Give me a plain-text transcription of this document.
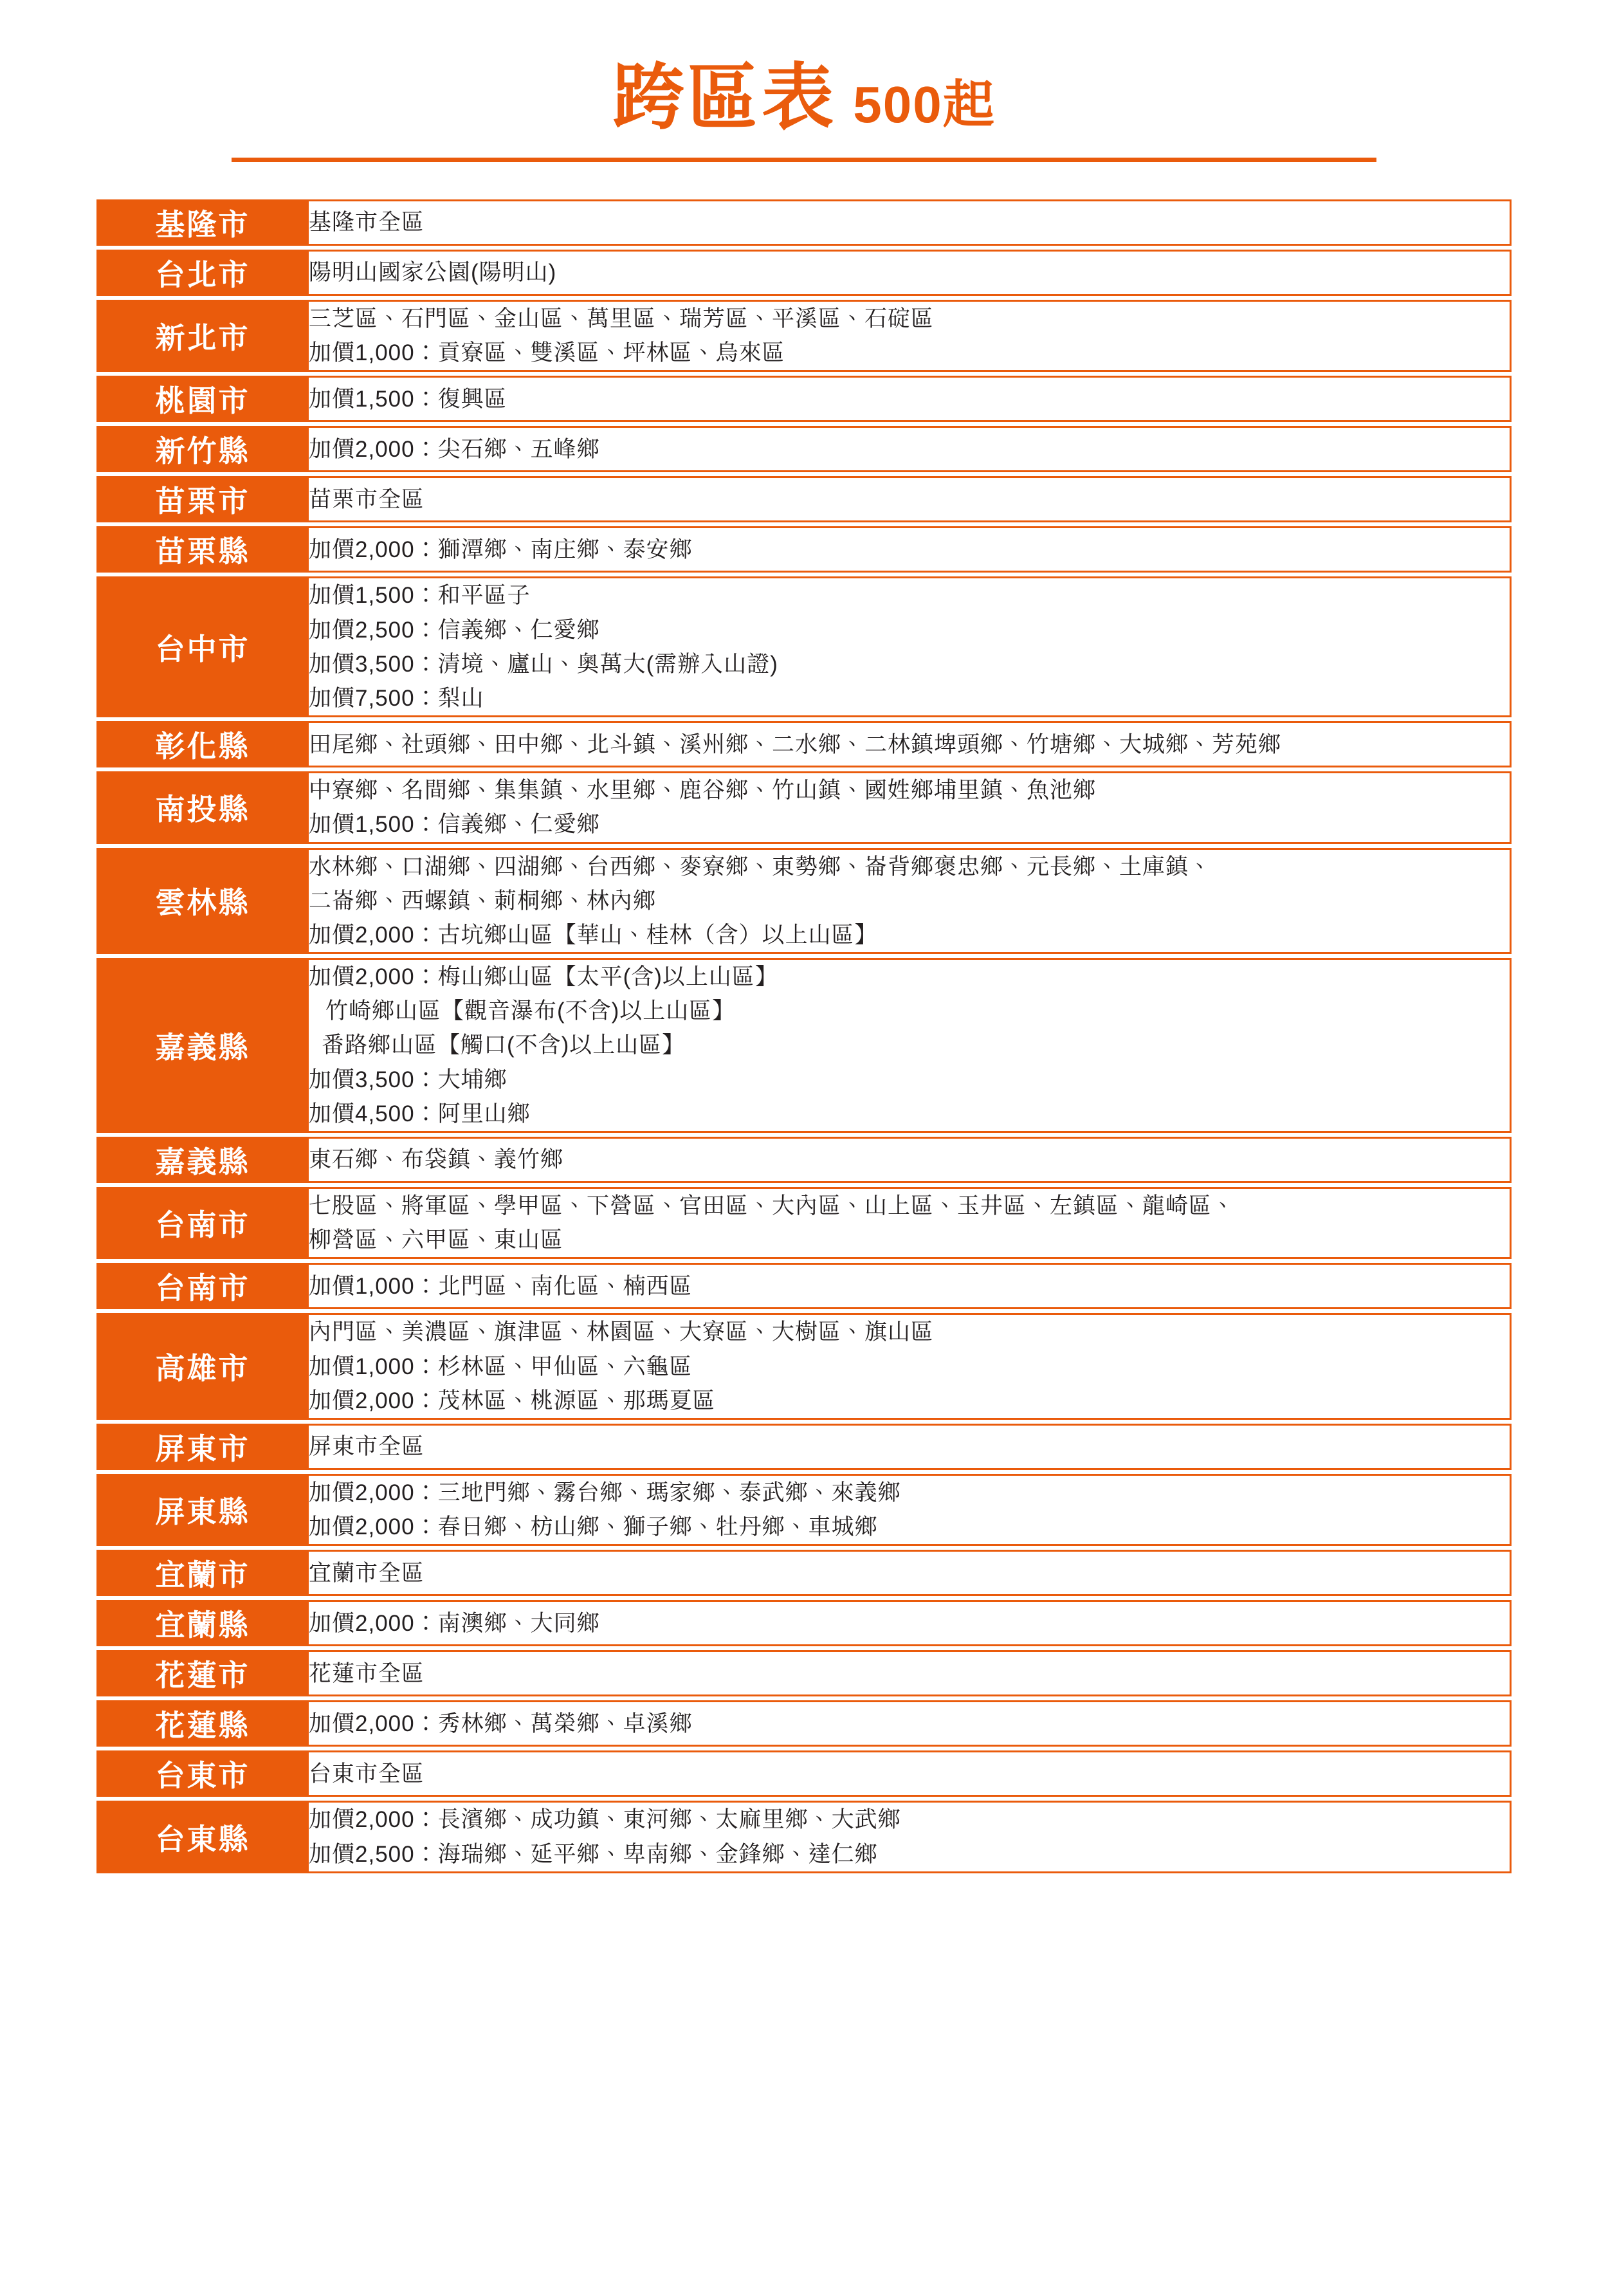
跨區表 500起
基隆市	基隆市全區

台北市	陽明山國家公園(陽明山)

新北市	三芝區、石門區、金山區、萬里區、瑞芳區、平溪區、石碇區
加價1,000：貢寮區、雙溪區、坪林區、烏來區

桃園市	加價1,500：復興區

新竹縣	加價2,000：尖石鄉、五峰鄉

苗栗市	苗栗市全區

苗栗縣	加價2,000：獅潭鄉、南庄鄉、泰安鄉

台中市	加價1,500：和平區子
加價2,500：信義鄉、仁愛鄉
加價3,500：清境、廬山、奧萬大(需辦入山證)
加價7,500：梨山

彰化縣	田尾鄉、社頭鄉、田中鄉、北斗鎮、溪州鄉、二水鄉、二林鎮埤頭鄉、竹塘鄉、大城鄉、芳苑鄉

南投縣	中寮鄉、名間鄉、集集鎮、水里鄉、鹿谷鄉、竹山鎮、國姓鄉埔里鎮、魚池鄉
加價1,500：信義鄉、仁愛鄉

雲林縣	水林鄉、口湖鄉、四湖鄉、台西鄉、麥寮鄉、東勢鄉、崙背鄉褒忠鄉、元長鄉、土庫鎮、
二崙鄉、西螺鎮、莿桐鄉、林內鄉
加價2,000：古坑鄉山區【華山、桂林（含）以上山區】

嘉義縣	加價2,000：梅山鄉山區【太平(含)以上山區】
竹崎鄉山區【觀音瀑布(不含)以上山區】
番路鄉山區【觸口(不含)以上山區】
加價3,500：大埔鄉
加價4,500：阿里山鄉

嘉義縣	東石鄉、布袋鎮、義竹鄉

台南市	七股區、將軍區、學甲區、下營區、官田區、大內區、山上區、玉井區、左鎮區、龍崎區、
柳營區、六甲區、東山區

台南市	加價1,000：北門區、南化區、楠西區

高雄市	內門區、美濃區、旗津區、林園區、大寮區、大樹區、旗山區
加價1,000：杉林區、甲仙區、六龜區
加價2,000：茂林區、桃源區、那瑪夏區

屏東市	屏東市全區

屏東縣	加價2,000：三地門鄉、霧台鄉、瑪家鄉、泰武鄉、來義鄉
加價2,000：春日鄉、枋山鄉、獅子鄉、牡丹鄉、車城鄉

宜蘭市	宜蘭市全區

宜蘭縣	加價2,000：南澳鄉、大同鄉

花蓮市	花蓮市全區

花蓮縣	加價2,000：秀林鄉、萬榮鄉、卓溪鄉

台東市	台東市全區

台東縣	加價2,000：長濱鄉、成功鎮、東河鄉、太麻里鄉、大武鄉
加價2,500：海瑞鄉、延平鄉、卑南鄉、金鋒鄉、達仁鄉
